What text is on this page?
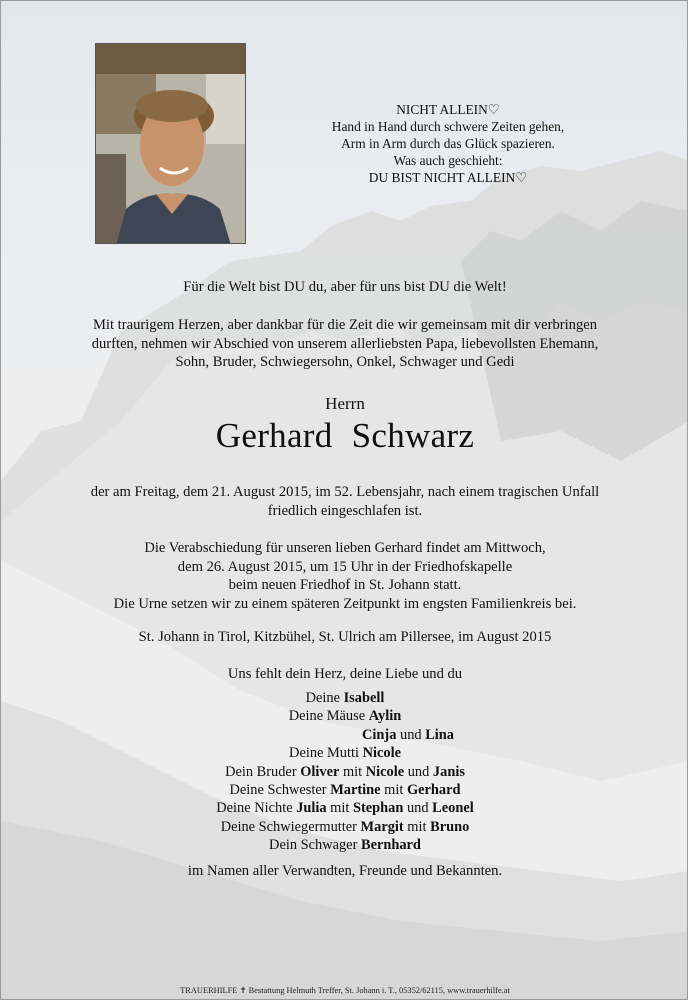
NICHT ALLEIN♡
Hand in Hand durch schwere Zeiten gehen,
Arm in Arm durch das Glück spazieren.
Was auch geschieht:
DU BIST NICHT ALLEIN♡
Für die Welt bist DU du, aber für uns bist DU die Welt!
Mit traurigem Herzen, aber dankbar für die Zeit die wir gemeinsam mit dir verbringen
durften, nehmen wir Abschied von unserem allerliebsten Papa, liebevollsten Ehemann,
Sohn, Bruder, Schwiegersohn, Onkel, Schwager und Gedi
Herrn
Gerhard Schwarz
der am Freitag, dem 21. August 2015, im 52. Lebensjahr, nach einem tragischen Unfall
friedlich eingeschlafen ist.
Die Verabschiedung für unseren lieben Gerhard findet am Mittwoch,
dem 26. August 2015, um 15 Uhr in der Friedhofskapelle
beim neuen Friedhof in St. Johann statt.
Die Urne setzen wir zu einem späteren Zeitpunkt im engsten Familienkreis bei.
St. Johann in Tirol, Kitzbühel, St. Ulrich am Pillersee, im August 2015
Uns fehlt dein Herz, deine Liebe und du
Deine Isabell
Deine Mäuse Aylin
Cinja und Lina
Deine Mutti Nicole
Dein Bruder Oliver mit Nicole und Janis
Deine Schwester Martine mit Gerhard
Deine Nichte Julia mit Stephan und Leonel
Deine Schwiegermutter Margit mit Bruno
Dein Schwager Bernhard
im Namen aller Verwandten, Freunde und Bekannten.
TRAUERHILFE ✝ Bestattung Helmuth Treffer, St. Johann i. T., 05352/62115, www.trauerhilfe.at
